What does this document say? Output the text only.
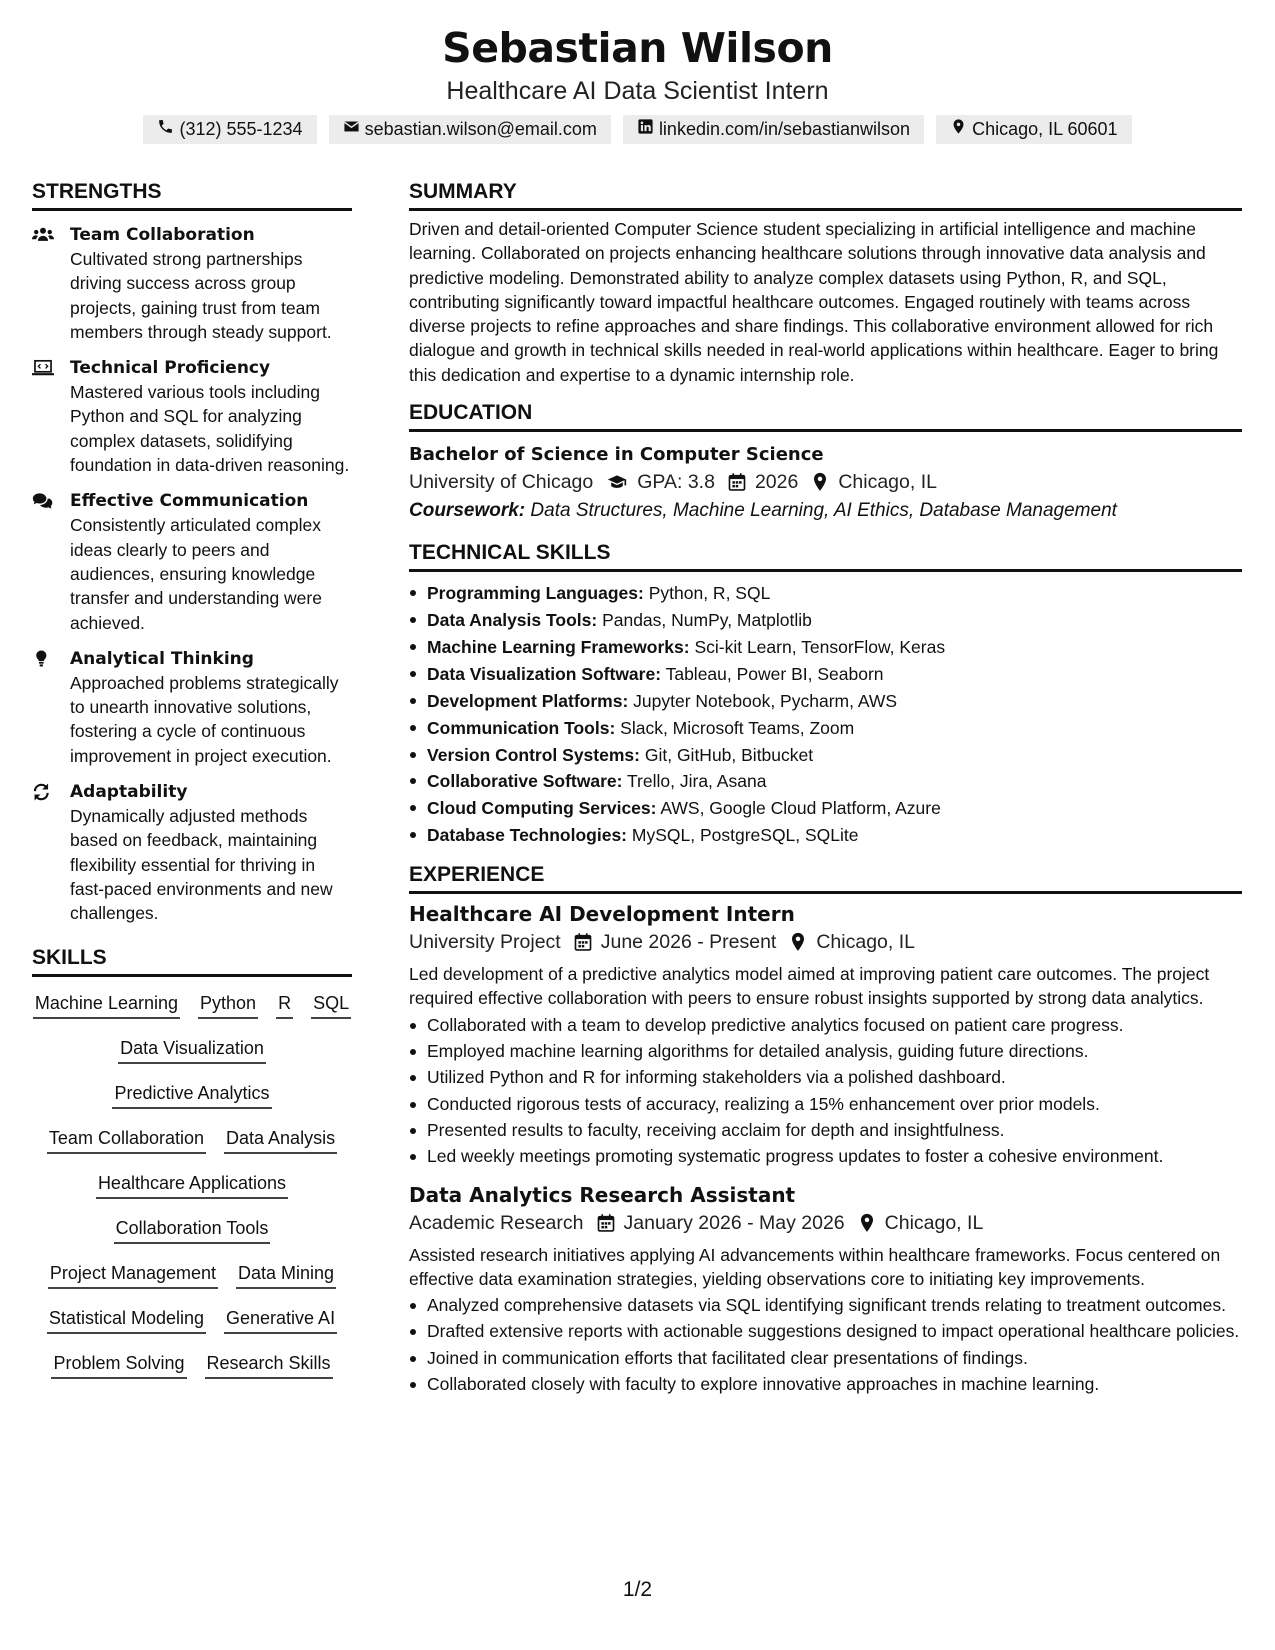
Sebastian Wilson
Healthcare AI Data Scientist Intern
(312) 555-1234	sebastian.wilson@email.com	linkedin.com/in/sebastianwilson	Chicago, IL 60601
STRENGTHS
Team Collaboration
Cultivated strong partnerships driving success across group projects, gaining trust from team members through steady support.
Technical Proficiency
Mastered various tools including Python and SQL for analyzing complex datasets, solidifying foundation in data-driven reasoning.
Effective Communication
Consistently articulated complex ideas clearly to peers and audiences, ensuring knowledge transfer and understanding were achieved.
Analytical Thinking
Approached problems strategically to unearth innovative solutions, fostering a cycle of continuous improvement in project execution.
Adaptability
Dynamically adjusted methods based on feedback, maintaining flexibility essential for thriving in fast-paced environments and new challenges.
SKILLS
Machine Learning Python R SQL
Data Visualization
Predictive Analytics
Team Collaboration Data Analysis
Healthcare Applications
Collaboration Tools
Project Management Data Mining
Statistical Modeling Generative AI
Problem Solving Research Skills
SUMMARY
Driven and detail-oriented Computer Science student specializing in artificial intelligence and machine learning. Collaborated on projects enhancing healthcare solutions through innovative data analysis and predictive modeling. Demonstrated ability to analyze complex datasets using Python, R, and SQL, contributing significantly toward impactful healthcare outcomes. Engaged routinely with teams across diverse projects to refine approaches and share findings. This collaborative environment allowed for rich dialogue and growth in technical skills needed in real-world applications within healthcare. Eager to bring this dedication and expertise to a dynamic internship role.
EDUCATION
Bachelor of Science in Computer Science
University of Chicago GPA: 3.8 2026 Chicago, IL
Coursework: Data Structures, Machine Learning, AI Ethics, Database Management
TECHNICAL SKILLS
Programming Languages: Python, R, SQL
Data Analysis Tools: Pandas, NumPy, Matplotlib
Machine Learning Frameworks: Sci-kit Learn, TensorFlow, Keras
Data Visualization Software: Tableau, Power BI, Seaborn
Development Platforms: Jupyter Notebook, Pycharm, AWS
Communication Tools: Slack, Microsoft Teams, Zoom
Version Control Systems: Git, GitHub, Bitbucket
Collaborative Software: Trello, Jira, Asana
Cloud Computing Services: AWS, Google Cloud Platform, Azure
Database Technologies: MySQL, PostgreSQL, SQLite
EXPERIENCE
Healthcare AI Development Intern
University Project June 2026 - Present Chicago, IL
Led development of a predictive analytics model aimed at improving patient care outcomes. The project required effective collaboration with peers to ensure robust insights supported by strong data analytics.
Collaborated with a team to develop predictive analytics focused on patient care progress.
Employed machine learning algorithms for detailed analysis, guiding future directions.
Utilized Python and R for informing stakeholders via a polished dashboard.
Conducted rigorous tests of accuracy, realizing a 15% enhancement over prior models.
Presented results to faculty, receiving acclaim for depth and insightfulness.
Led weekly meetings promoting systematic progress updates to foster a cohesive environment.
Data Analytics Research Assistant
Academic Research January 2026 - May 2026 Chicago, IL
Assisted research initiatives applying AI advancements within healthcare frameworks. Focus centered on effective data examination strategies, yielding observations core to initiating key improvements.
Analyzed comprehensive datasets via SQL identifying significant trends relating to treatment outcomes.
Drafted extensive reports with actionable suggestions designed to impact operational healthcare policies.
Joined in communication efforts that facilitated clear presentations of findings.
Collaborated closely with faculty to explore innovative approaches in machine learning.
1/2
